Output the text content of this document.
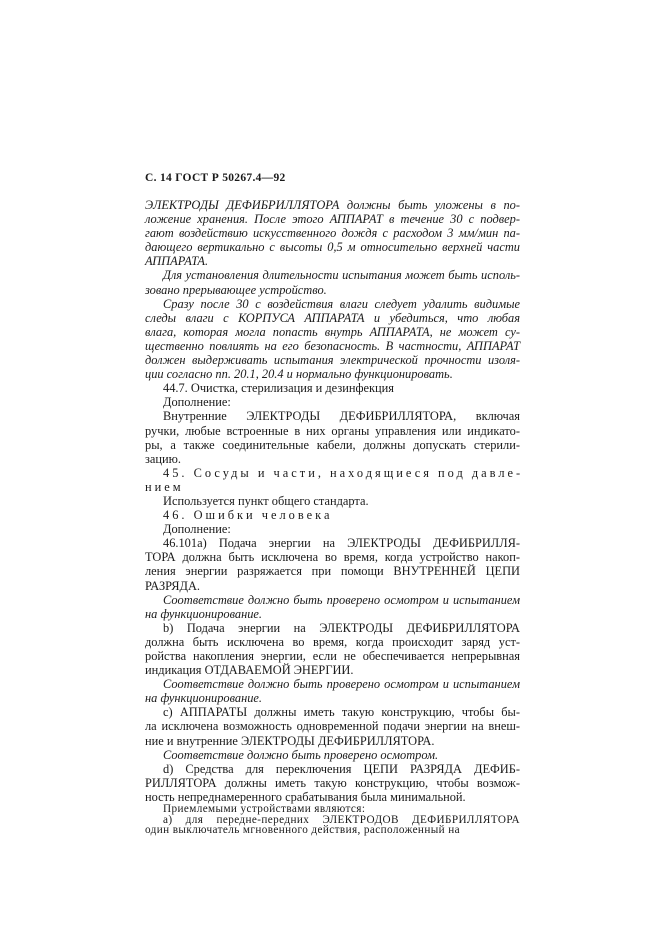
С. 14 ГОСТ Р 50267.4—92
ЭЛЕКТРОДЫ ДЕФИБРИЛЛЯТОРА должны быть уложены в по-
ложение хранения. После этого АППАРАТ в течение 30 с подвер-
гают воздействию искусственного дождя с расходом 3 мм/мин па-
дающего вертикально с высоты 0,5 м относительно верхней части
АППАРАТА.
Для установления длительности испытания может быть исполь-
зовано прерывающее устройство.
Сразу после 30 с воздействия влаги следует удалить видимые
следы влаги с КОРПУСА АППАРАТА и убедиться, что любая
влага, которая могла попасть внутрь АППАРАТА, не может су-
щественно повлиять на его безопасность. В частности, АППАРАТ
должен выдерживать испытания электрической прочности изоля-
ции согласно пп. 20.1, 20.4 и нормально функционировать.
44.7. Очистка, стерилизация и дезинфекция
Дополнение:
Внутренние ЭЛЕКТРОДЫ ДЕФИБРИЛЛЯТОРА, включая
ручки, любые встроенные в них органы управления или индикато-
ры, а также соединительные кабели, должны допускать стерили-
зацию.
45. Сосуды и части, находящиеся под давле-
нием
Используется пункт общего стандарта.
46. Ошибки человека
Дополнение:
46.101а) Подача энергии на ЭЛЕКТРОДЫ ДЕФИБРИЛЛЯ-
ТОРА должна быть исключена во время, когда устройство накоп-
ления энергии разряжается при помощи ВНУТРЕННЕЙ ЦЕПИ
РАЗРЯДА.
Соответствие должно быть проверено осмотром и испытанием
на функционирование.
b) Подача энергии на ЭЛЕКТРОДЫ ДЕФИБРИЛЛЯТОРА
должна быть исключена во время, когда происходит заряд уст-
ройства накопления энергии, если не обеспечивается непрерывная
индикация ОТДАВАЕМОЙ ЭНЕРГИИ.
Соответствие должно быть проверено осмотром и испытанием
на функционирование.
с) АППАРАТЫ должны иметь такую конструкцию, чтобы бы-
ла исключена возможность одновременной подачи энергии на внеш-
ние и внутренние ЭЛЕКТРОДЫ ДЕФИБРИЛЛЯТОРА.
Соответствие должно быть проверено осмотром.
d) Средства для переключения ЦЕПИ РАЗРЯДА ДЕФИБ-
РИЛЛЯТОРА должны иметь такую конструкцию, чтобы возмож-
ность непреднамеренного срабатывания была минимальной.
Приемлемыми устройствами являются:
а) для передне-передних ЭЛЕКТРОДОВ ДЕФИБРИЛЛЯТОРА
один выключатель мгновенного действия, расположенный на
